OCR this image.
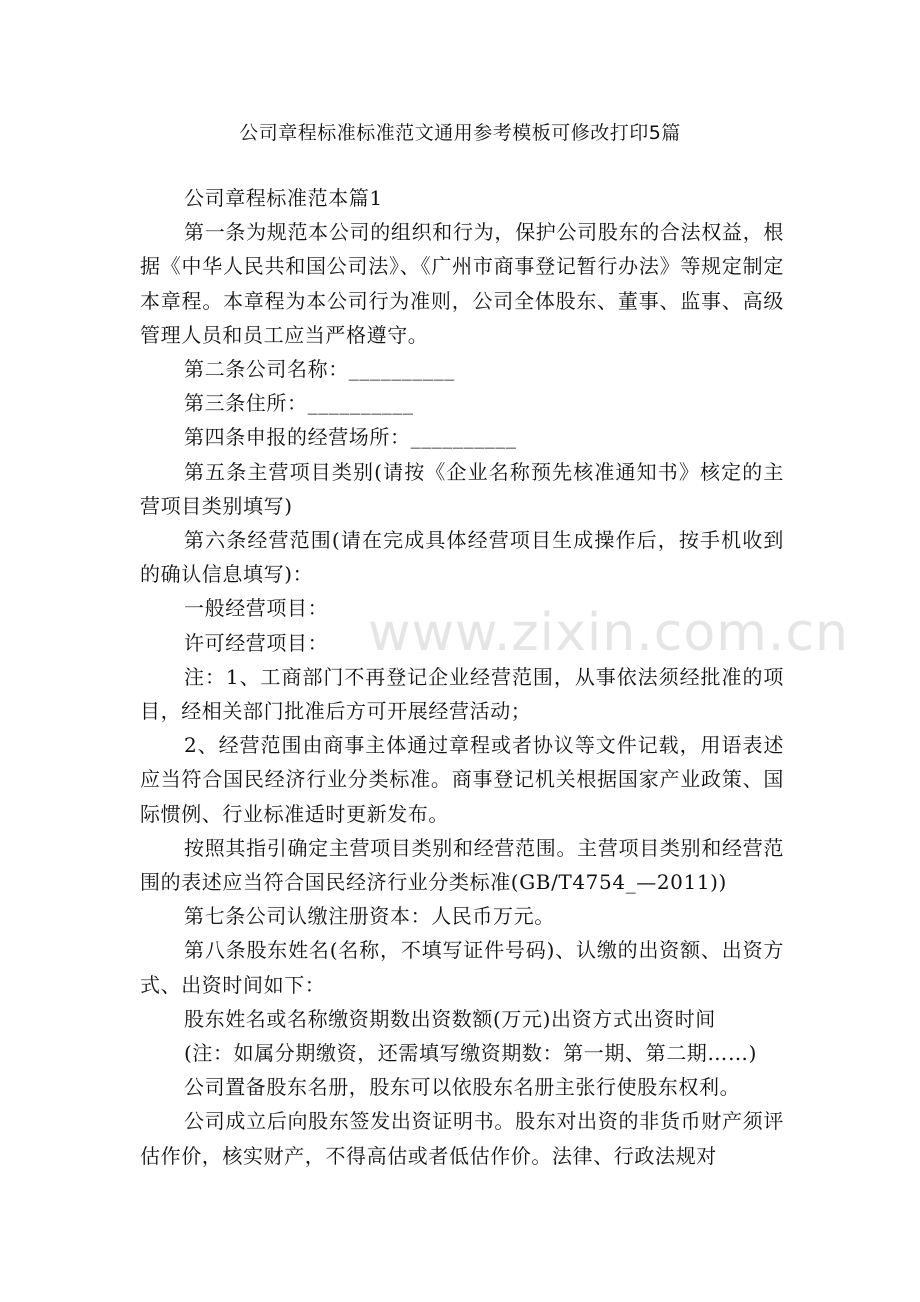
公司章程标准标准范文通用参考模板可修改打印5篇

公司章程标准范本篇1

第一条为规范本公司的组织和行为，保护公司股东的合法权益，根据《中华人民共和国公司法》、《广州市商事登记暂行办法》等规定制定本章程。本章程为本公司行为准则，公司全体股东、董事、监事、高级管理人员和员工应当严格遵守。

第二条公司名称：__________

第三条住所：__________

第四条申报的经营场所：__________

第五条主营项目类别(请按《企业名称预先核准通知书》核定的主营项目类别填写)

第六条经营范围(请在完成具体经营项目生成操作后，按手机收到的确认信息填写)：

一般经营项目：

许可经营项目：

注：1、工商部门不再登记企业经营范围，从事依法须经批准的项目，经相关部门批准后方可开展经营活动；

2、经营范围由商事主体通过章程或者协议等文件记载，用语表述应当符合国民经济行业分类标准。商事登记机关根据国家产业政策、国际惯例、行业标准适时更新发布。

按照其指引确定主营项目类别和经营范围。主营项目类别和经营范围的表述应当符合国民经济行业分类标准(GB/T4754_—2011))

第七条公司认缴注册资本：人民币万元。

第八条股东姓名(名称，不填写证件号码)、认缴的出资额、出资方式、出资时间如下：

股东姓名或名称缴资期数出资数额(万元)出资方式出资时间

(注：如属分期缴资，还需填写缴资期数：第一期、第二期……)

公司置备股东名册，股东可以依股东名册主张行使股东权利。

公司成立后向股东签发出资证明书。股东对出资的非货币财产须评估作价，核实财产，不得高估或者低估作价。法律、行政法规对

www.zixin.com.cn
